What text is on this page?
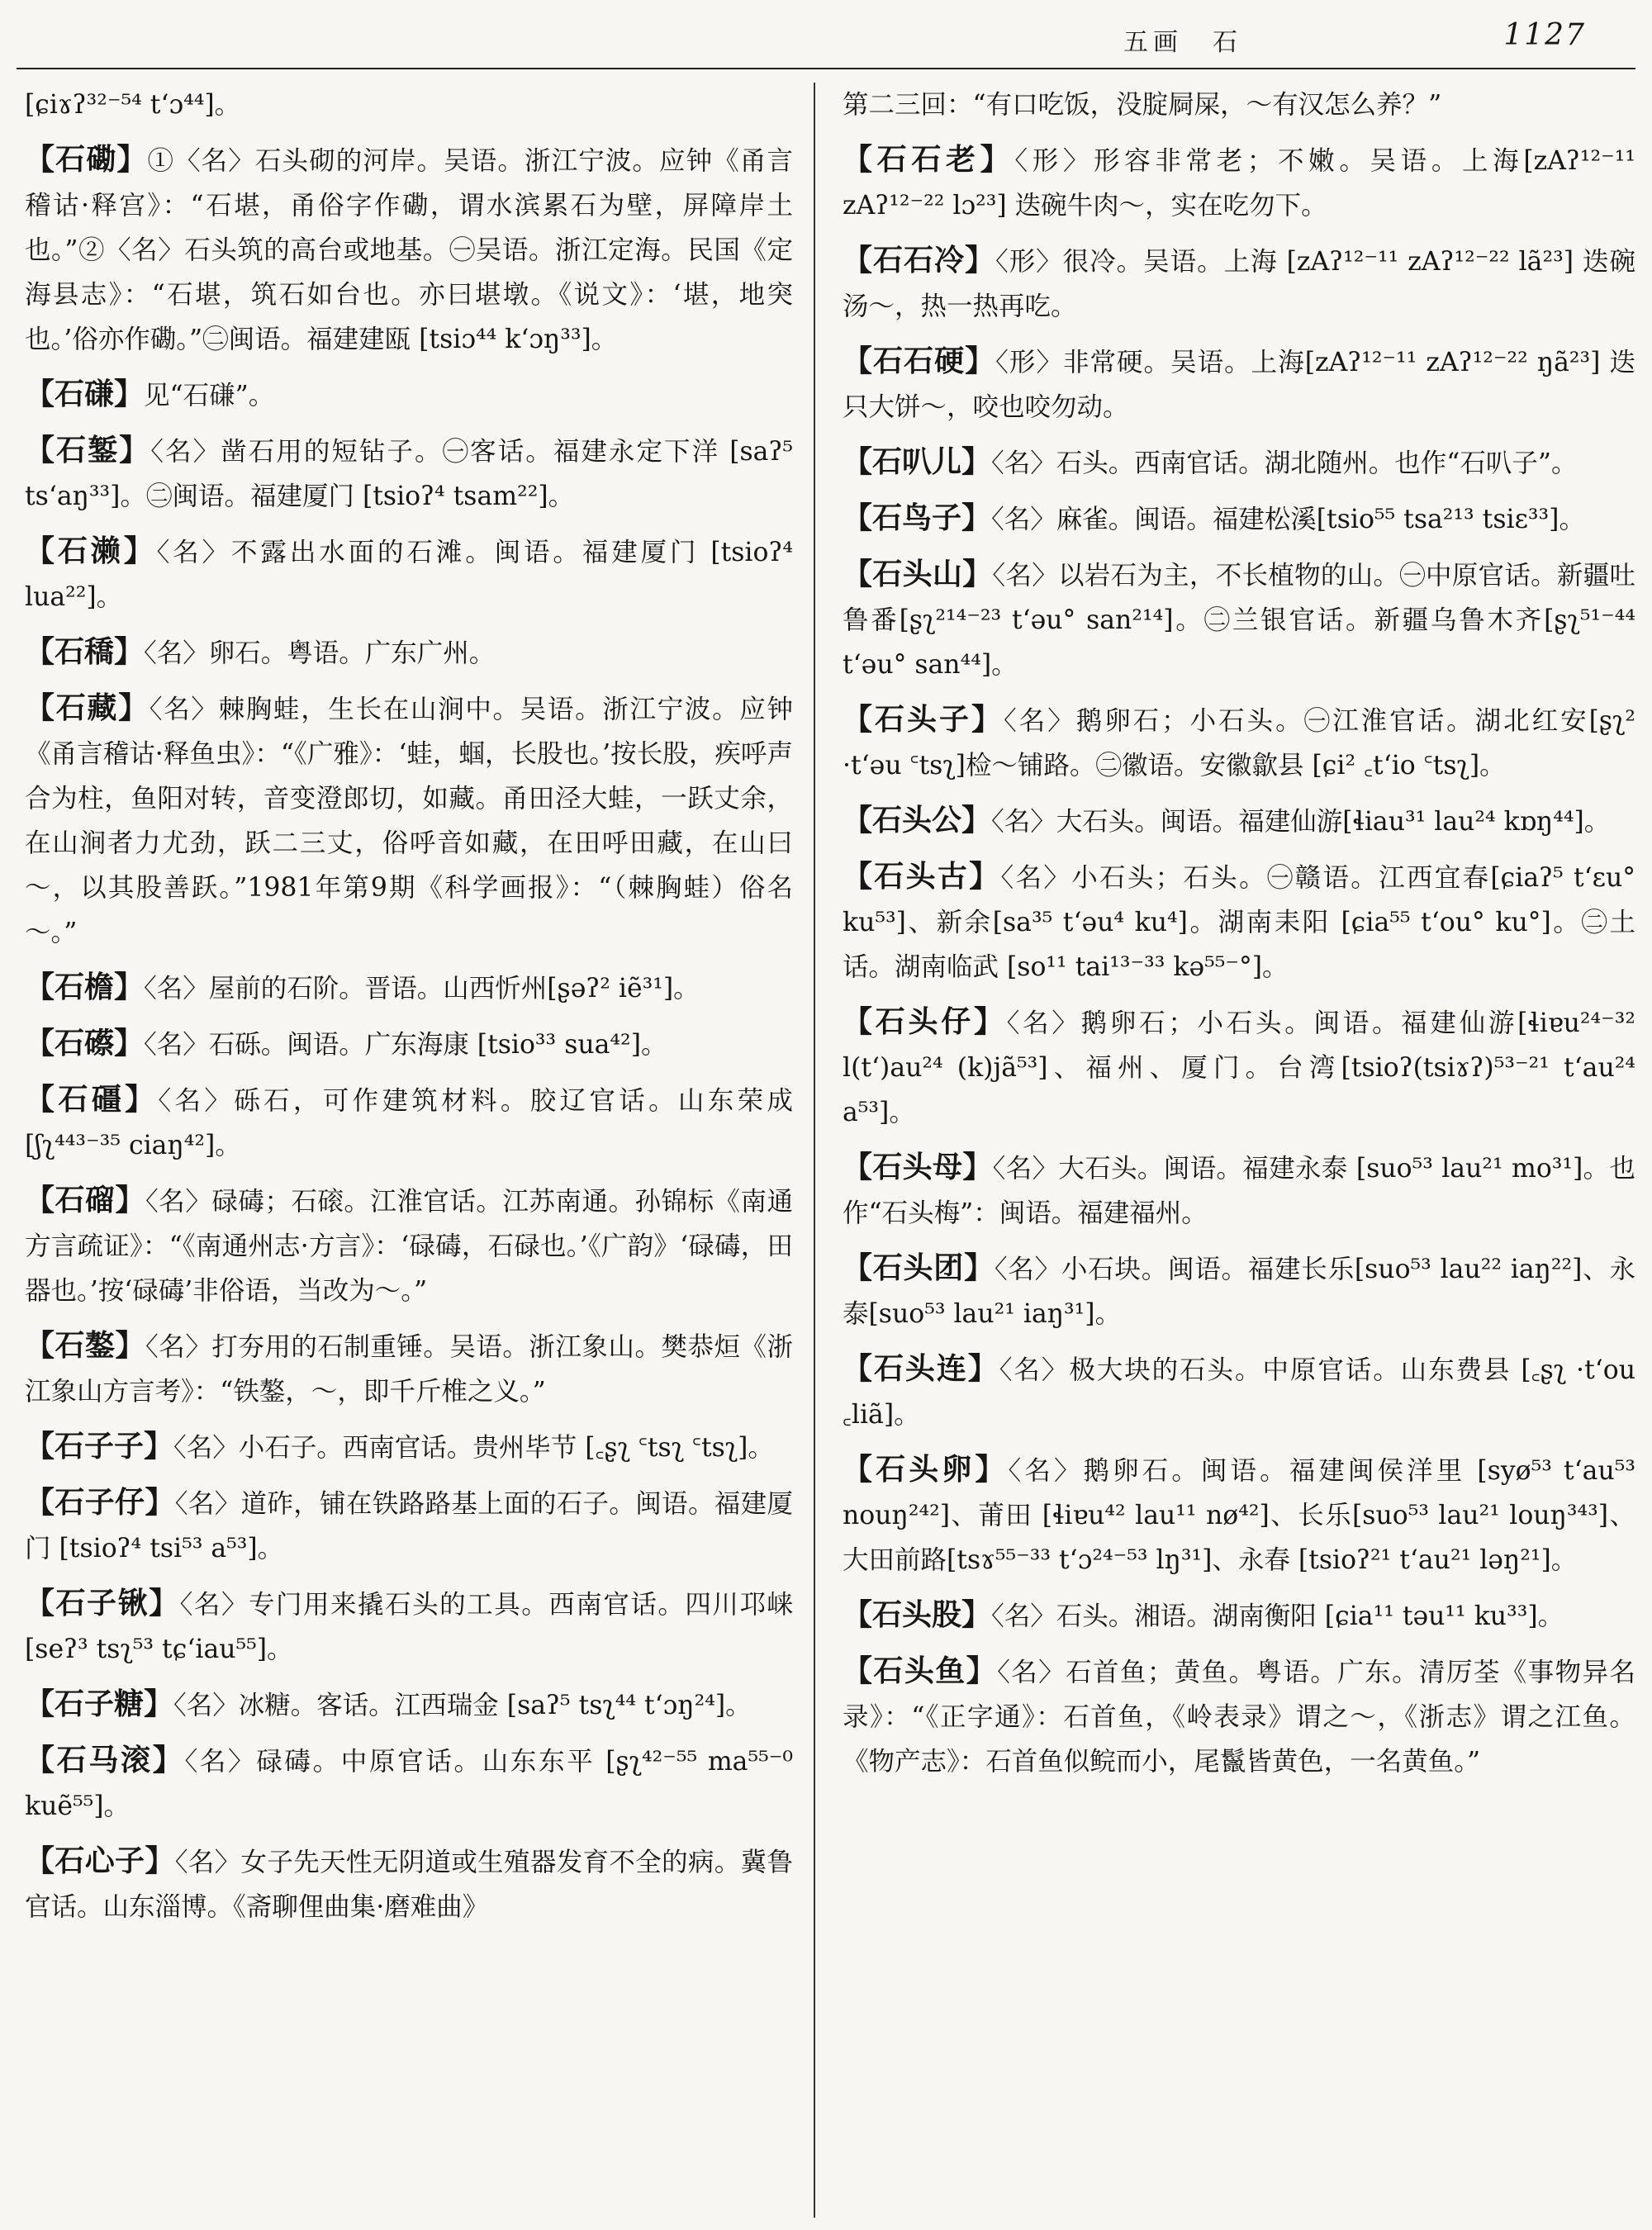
五画　石	1127

[ɕiɤʔ³²⁻⁵⁴ tʻɔ⁴⁴]。

【石磡】①〈名〉石头砌的河岸。吴语。浙江宁波。应钟《甬言稽诂·释宫》：“石堪，甬俗字作磡，谓水滨累石为壁，屏障岸土也。”②〈名〉石头筑的高台或地基。㊀吴语。浙江定海。民国《定海县志》：“石堪，筑石如台也。亦曰堪墩。《说文》：‘堪，地突也。’俗亦作磡。”㊁闽语。福建建瓯 [tsiɔ⁴⁴ kʻɔŋ³³]。

【石磏】见“石磏”。

【石錾】〈名〉凿石用的短钻子。㊀客话。福建永定下洋 [saʔ⁵ tsʻaŋ³³]。㊁闽语。福建厦门 [tsioʔ⁴ tsam²²]。

【石濑】〈名〉不露出水面的石滩。闽语。福建厦门 [tsioʔ⁴ lua²²]。

【石穚】〈名〉卵石。粤语。广东广州。

【石藏】〈名〉棘胸蛙，生长在山涧中。吴语。浙江宁波。应钟《甬言稽诂·释鱼虫》：“《广雅》：‘蛙，蝈，长股也。’按长股，疾呼声合为柱，鱼阳对转，音变澄郎切，如藏。甬田泾大蛙，一跃丈余，在山涧者力尤劲，跃二三丈，俗呼音如藏，在田呼田藏，在山曰～，以其股善跃。”1981年第9期《科学画报》：“（棘胸蛙）俗名～。”

【石檐】〈名〉屋前的石阶。晋语。山西忻州[ʂəʔ² iẽ³¹]。

【石礤】〈名〉石砾。闽语。广东海康 [tsio³³ sua⁴²]。

【石礓】〈名〉砾石，可作建筑材料。胶辽官话。山东荣成 [ʃʅ⁴⁴³⁻³⁵ ciaŋ⁴²]。

【石磂】〈名〉碌碡；石磙。江淮官话。江苏南通。孙锦标《南通方言疏证》：“《南通州志·方言》：‘碌碡，石碌也。’《广韵》‘碌碡，田器也。’按‘碌碡’非俗语，当改为～。”

【石鏊】〈名〉打夯用的石制重锤。吴语。浙江象山。樊恭烜《浙江象山方言考》：“铁鏊，～，即千斤椎之义。”

【石子子】〈名〉小石子。西南官话。贵州毕节 [꜀ʂʅ ꜂tsʅ ꜂tsʅ]。

【石子仔】〈名〉道砟，铺在铁路路基上面的石子。闽语。福建厦门 [tsioʔ⁴ tsi⁵³ a⁵³]。

【石子锹】〈名〉专门用来撬石头的工具。西南官话。四川邛崃 [seʔ³ tsʅ⁵³ tɕʻiau⁵⁵]。

【石子糖】〈名〉冰糖。客话。江西瑞金 [saʔ⁵ tsʅ⁴⁴ tʻɔŋ²⁴]。

【石马滚】〈名〉碌碡。中原官话。山东东平 [ʂʅ⁴²⁻⁵⁵ ma⁵⁵⁻⁰ kuẽ⁵⁵]。

【石心子】〈名〉女子先天性无阴道或生殖器发育不全的病。冀鲁官话。山东淄博。《斋聊俚曲集·磨难曲》

第二三回：“有口吃饭，没腚屙屎，～有汉怎么养？”

【石石老】〈形〉形容非常老；不嫩。吴语。上海[zAʔ¹²⁻¹¹ zAʔ¹²⁻²² lɔ²³] 迭碗牛肉～，实在吃勿下。

【石石冷】〈形〉很冷。吴语。上海 [zAʔ¹²⁻¹¹ zAʔ¹²⁻²² lã²³] 迭碗汤～，热一热再吃。

【石石硬】〈形〉非常硬。吴语。上海[zAʔ¹²⁻¹¹ zAʔ¹²⁻²² ŋã²³] 迭只大饼～，咬也咬勿动。

【石叭儿】〈名〉石头。西南官话。湖北随州。也作“石叭子”。

【石鸟子】〈名〉麻雀。闽语。福建松溪[tsio⁵⁵ tsa²¹³ tsiɛ³³]。

【石头山】〈名〉以岩石为主，不长植物的山。㊀中原官话。新疆吐鲁番[ʂʅ²¹⁴⁻²³ tʻəu° san²¹⁴]。㊁兰银官话。新疆乌鲁木齐[ʂʅ⁵¹⁻⁴⁴ tʻəu° san⁴⁴]。

【石头子】〈名〉鹅卵石；小石头。㊀江淮官话。湖北红安[ʂʅ² ·tʻəu ꜂tsʅ]检～铺路。㊁徽语。安徽歙县 [ɕi² ꜀tʻio ꜂tsʅ]。

【石头公】〈名〉大石头。闽语。福建仙游[ɬiau³¹ lau²⁴ kɒŋ⁴⁴]。

【石头古】〈名〉小石头；石头。㊀赣语。江西宜春[ɕiaʔ⁵ tʻɛu° ku⁵³]、新余[sa³⁵ tʻəu⁴ ku⁴]。湖南耒阳 [ɕia⁵⁵ tʻou° ku°]。㊁土话。湖南临武 [so¹¹ tai¹³⁻³³ kə⁵⁵⁻°]。

【石头仔】〈名〉鹅卵石；小石头。闽语。福建仙游[ɬiɐu²⁴⁻³² l(tʻ)au²⁴ (k)jã⁵³]、福州、厦门。台湾[tsioʔ(tsiɤʔ)⁵³⁻²¹ tʻau²⁴ a⁵³]。

【石头母】〈名〉大石头。闽语。福建永泰 [suo⁵³ lau²¹ mo³¹]。也作“石头梅”：闽语。福建福州。

【石头团】〈名〉小石块。闽语。福建长乐[suo⁵³ lau²² iaŋ²²]、永泰[suo⁵³ lau²¹ iaŋ³¹]。

【石头连】〈名〉极大块的石头。中原官话。山东费县 [꜀ʂʅ ·tʻou ꜀liã]。

【石头卵】〈名〉鹅卵石。闽语。福建闽侯洋里 [syø⁵³ tʻau⁵³ nouŋ²⁴²]、莆田 [ɬiɐu⁴² lau¹¹ nø⁴²]、长乐[suo⁵³ lau²¹ louŋ³⁴³]、大田前路[tsɤ⁵⁵⁻³³ tʻɔ²⁴⁻⁵³ lŋ³¹]、永春 [tsioʔ²¹ tʻau²¹ ləŋ²¹]。

【石头股】〈名〉石头。湘语。湖南衡阳 [ɕia¹¹ təu¹¹ ku³³]。

【石头鱼】〈名〉石首鱼；黄鱼。粤语。广东。清厉荃《事物异名录》：“《正字通》：石首鱼，《岭表录》谓之～，《浙志》谓之江鱼。《物产志》：石首鱼似鲩而小，尾鬣皆黄色，一名黄鱼。”
